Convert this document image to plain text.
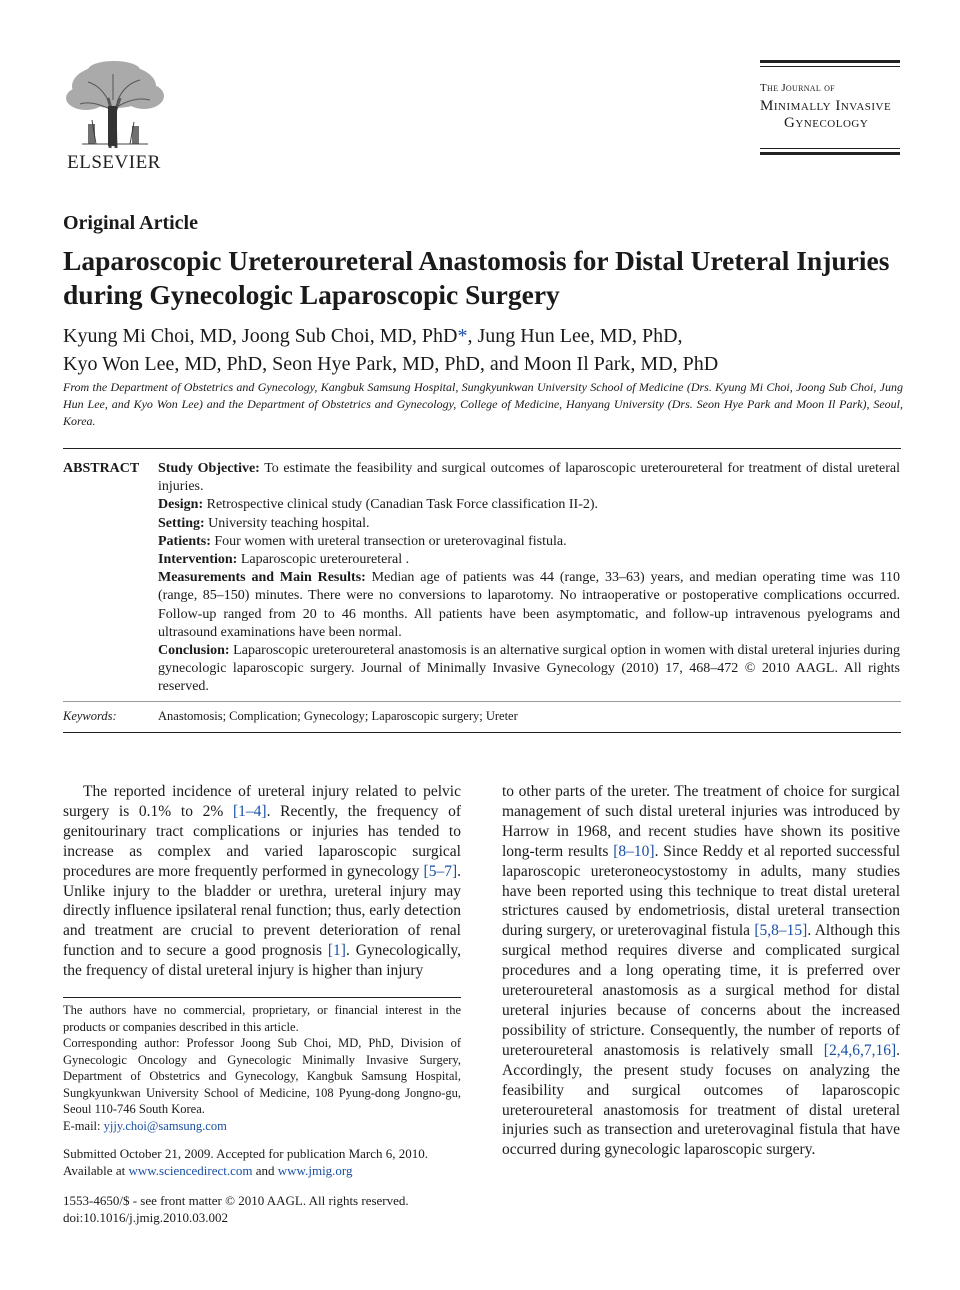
ELSEVIER
The Journal of
Minimally Invasive
Gynecology
Original Article
Laparoscopic Ureteroureteral Anastomosis for Distal Ureteral Injuries during Gynecologic Laparoscopic Surgery
Kyung Mi Choi, MD, Joong Sub Choi, MD, PhD*, Jung Hun Lee, MD, PhD,
Kyo Won Lee, MD, PhD, Seon Hye Park, MD, PhD, and Moon Il Park, MD, PhD
From the Department of Obstetrics and Gynecology, Kangbuk Samsung Hospital, Sungkyunkwan University School of Medicine (Drs. Kyung Mi Choi, Joong Sub Choi, Jung Hun Lee, and Kyo Won Lee) and the Department of Obstetrics and Gynecology, College of Medicine, Hanyang University (Drs. Seon Hye Park and Moon Il Park), Seoul, Korea.
ABSTRACT Study Objective: To estimate the feasibility and surgical outcomes of laparoscopic ureteroureteral for treatment of distal ureteral injuries.

Design: Retrospective clinical study (Canadian Task Force classification II-2).

Setting: University teaching hospital.

Patients: Four women with ureteral transection or ureterovaginal fistula.

Intervention: Laparoscopic ureteroureteral .

Measurements and Main Results: Median age of patients was 44 (range, 33–63) years, and median operating time was 110 (range, 85–150) minutes. There were no conversions to laparotomy. No intraoperative or postoperative complications occurred. Follow-up ranged from 20 to 46 months. All patients have been asymptomatic, and follow-up intravenous pyelograms and ultrasound examinations have been normal.

Conclusion: Laparoscopic ureteroureteral anastomosis is an alternative surgical option in women with distal ureteral injuries during gynecologic laparoscopic surgery. Journal of Minimally Invasive Gynecology (2010) 17, 468–472 © 2010 AAGL. All rights reserved.

Keywords:	Anastomosis; Complication; Gynecology; Laparoscopic surgery; Ureter

The reported incidence of ureteral injury related to pelvic surgery is 0.1% to 2% [1–4]. Recently, the frequency of genitourinary tract complications or injuries has tended to increase as complex and varied laparoscopic surgical procedures are more frequently performed in gynecology [5–7]. Unlike injury to the bladder or urethra, ureteral injury may directly influence ipsilateral renal function; thus, early detection and treatment are crucial to prevent deterioration of renal function and to secure a good prognosis [1]. Gynecologically, the frequency of distal ureteral injury is higher than injury

The authors have no commercial, proprietary, or financial interest in the products or companies described in this article.

Corresponding author: Professor Joong Sub Choi, MD, PhD, Division of Gynecologic Oncology and Gynecologic Minimally Invasive Surgery, Department of Obstetrics and Gynecology, Kangbuk Samsung Hospital, Sungkyunkwan University School of Medicine, 108 Pyung-dong Jongno-gu, Seoul 110-746 South Korea.

E-mail: yjjy.choi@samsung.com

Submitted October 21, 2009. Accepted for publication March 6, 2010.

Available at www.sciencedirect.com and www.jmig.org

1553-4650/$ - see front matter © 2010 AAGL. All rights reserved.

doi:10.1016/j.jmig.2010.03.002

to other parts of the ureter. The treatment of choice for surgical management of such distal ureteral injuries was introduced by Harrow in 1968, and recent studies have shown its positive long-term results [8–10]. Since Reddy et al reported successful laparoscopic ureteroneocystostomy in adults, many studies have been reported using this technique to treat distal ureteral strictures caused by endometriosis, distal ureteral transection during surgery, or ureterovaginal fistula [5,8–15]. Although this surgical method requires diverse and complicated surgical procedures and a long operating time, it is preferred over ureteroureteral anastomosis as a surgical method for distal ureteral injuries because of concerns about the increased possibility of stricture. Consequently, the number of reports of ureteroureteral anastomosis is relatively small [2,4,6,7,16]. Accordingly, the present study focuses on analyzing the feasibility and surgical outcomes of laparoscopic ureteroureteral anastomosis for treatment of distal ureteral injuries such as transection and ureterovaginal fistula that have occurred during gynecologic laparoscopic surgery.
